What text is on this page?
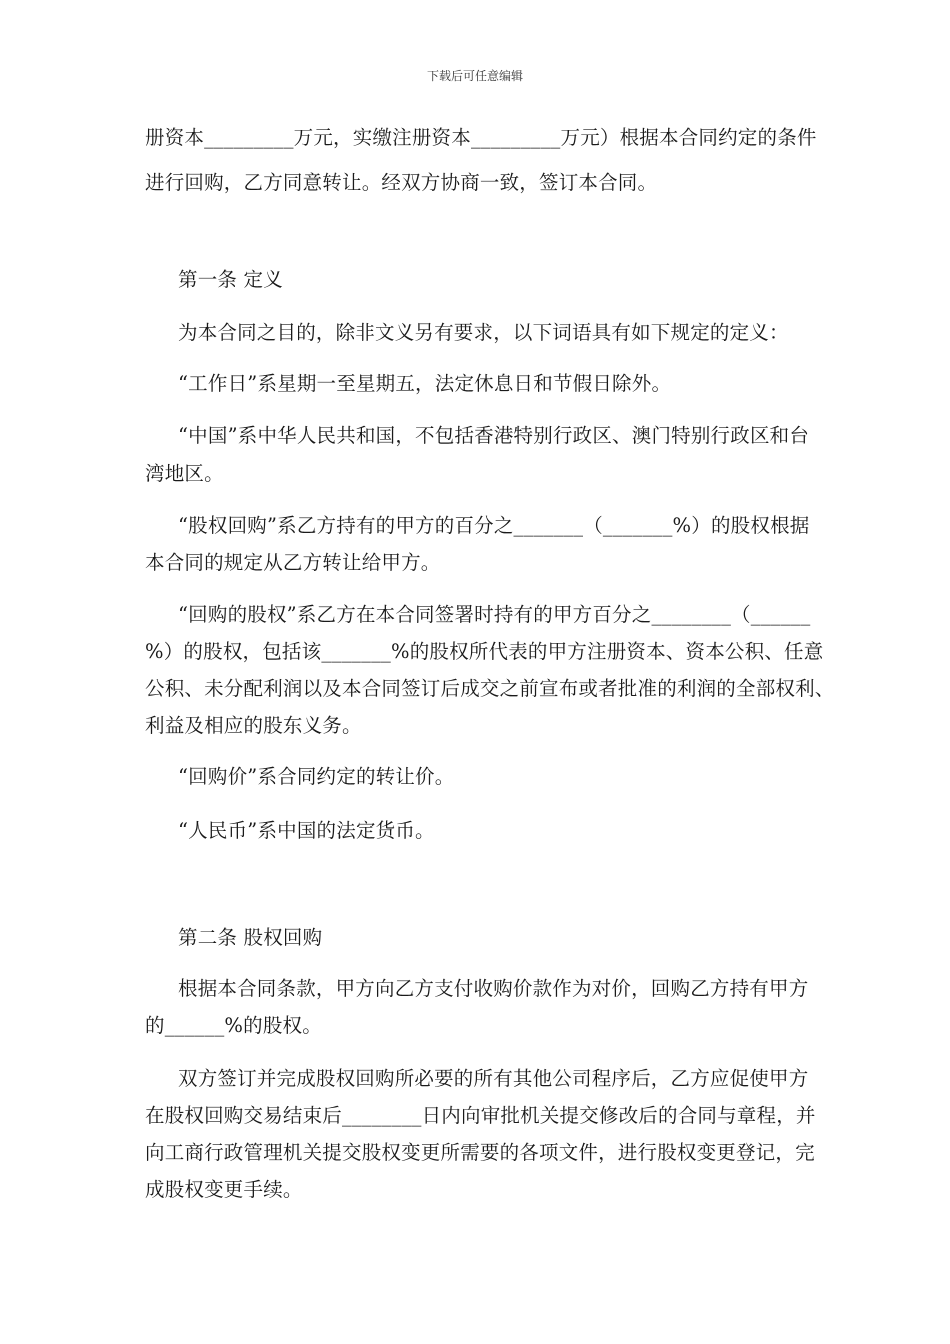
下载后可任意编辑
册资本_________万元，实缴注册资本_________万元）根据本合同约定的条件
进行回购，乙方同意转让。经双方协商一致，签订本合同。
第一条 定义
为本合同之目的，除非文义另有要求，以下词语具有如下规定的定义：
“工作日”系星期一至星期五，法定休息日和节假日除外。
“中国”系中华人民共和国，不包括香港特别行政区、澳门特别行政区和台
湾地区。
“股权回购”系乙方持有的甲方的百分之_______（_______%）的股权根据
本合同的规定从乙方转让给甲方。
“回购的股权”系乙方在本合同签署时持有的甲方百分之________（______
%）的股权，包括该_______%的股权所代表的甲方注册资本、资本公积、任意
公积、未分配利润以及本合同签订后成交之前宣布或者批准的利润的全部权利、
利益及相应的股东义务。
“回购价”系合同约定的转让价。
“人民币”系中国的法定货币。
第二条 股权回购
根据本合同条款，甲方向乙方支付收购价款作为对价，回购乙方持有甲方
的______%的股权。
双方签订并完成股权回购所必要的所有其他公司程序后，乙方应促使甲方
在股权回购交易结束后________日内向审批机关提交修改后的合同与章程，并
向工商行政管理机关提交股权变更所需要的各项文件，进行股权变更登记，完
成股权变更手续。
